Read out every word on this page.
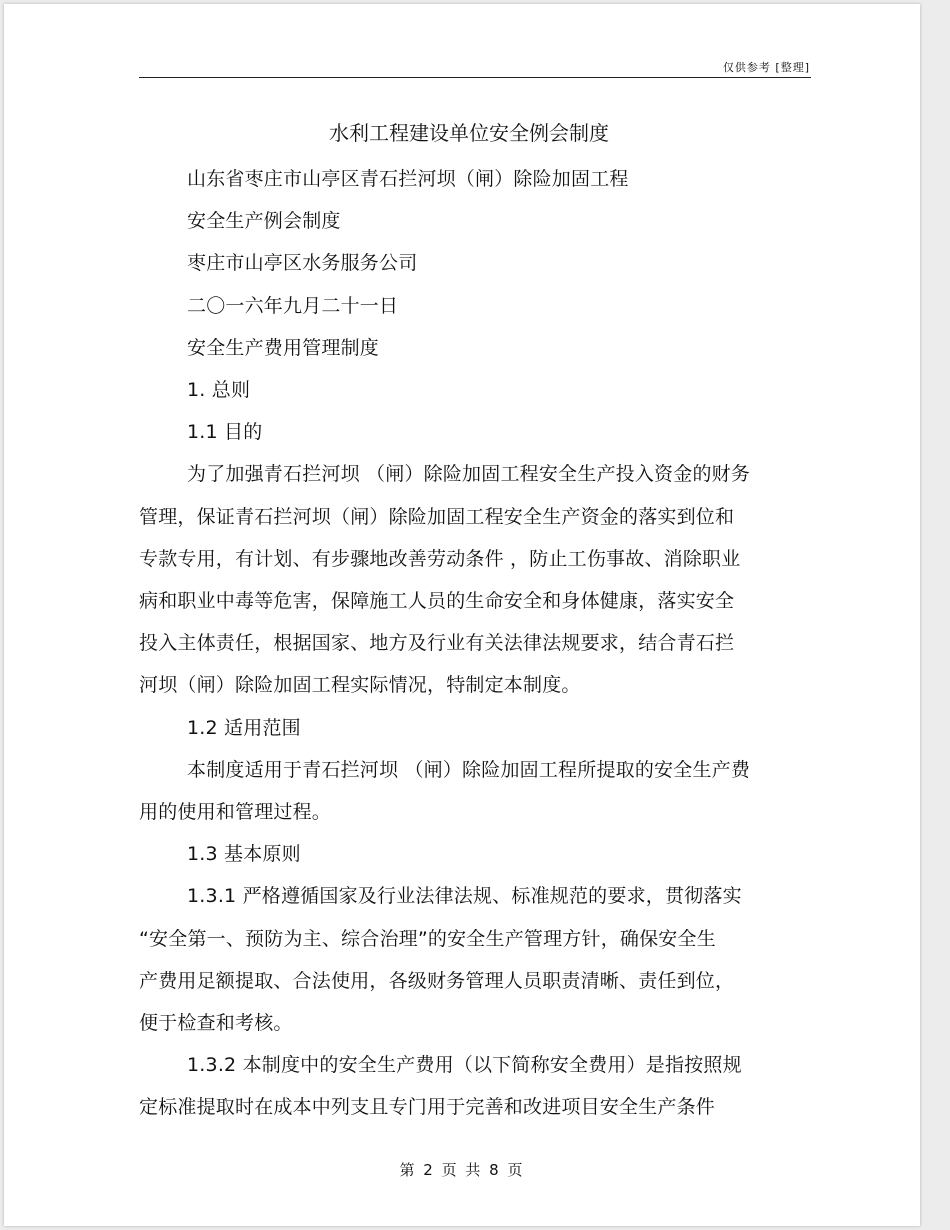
仅供参考 [整理]

水利工程建设单位安全例会制度

山东省枣庄市山亭区青石拦河坝（闸）除险加固工程

安全生产例会制度

枣庄市山亭区水务服务公司

二〇一六年九月二十一日

安全生产费用管理制度

1. 总则

1.1 目的

为了加强青石拦河坝 （闸）除险加固工程安全生产投入资金的财务

管理，保证青石拦河坝（闸）除险加固工程安全生产资金的落实到位和

专款专用，有计划、有步骤地改善劳动条件 ，防止工伤事故、消除职业

病和职业中毒等危害，保障施工人员的生命安全和身体健康，落实安全

投入主体责任，根据国家、地方及行业有关法律法规要求，结合青石拦

河坝（闸）除险加固工程实际情况，特制定本制度。

1.2 适用范围

本制度适用于青石拦河坝 （闸）除险加固工程所提取的安全生产费

用的使用和管理过程。

1.3 基本原则

1.3.1 严格遵循国家及行业法律法规、标准规范的要求，贯彻落实

“安全第一、预防为主、综合治理”的安全生产管理方针，确保安全生

产费用足额提取、合法使用，各级财务管理人员职责清晰、责任到位，

便于检查和考核。

1.3.2 本制度中的安全生产费用（以下简称安全费用）是指按照规

定标准提取时在成本中列支且专门用于完善和改进项目安全生产条件

第 2 页 共 8 页
